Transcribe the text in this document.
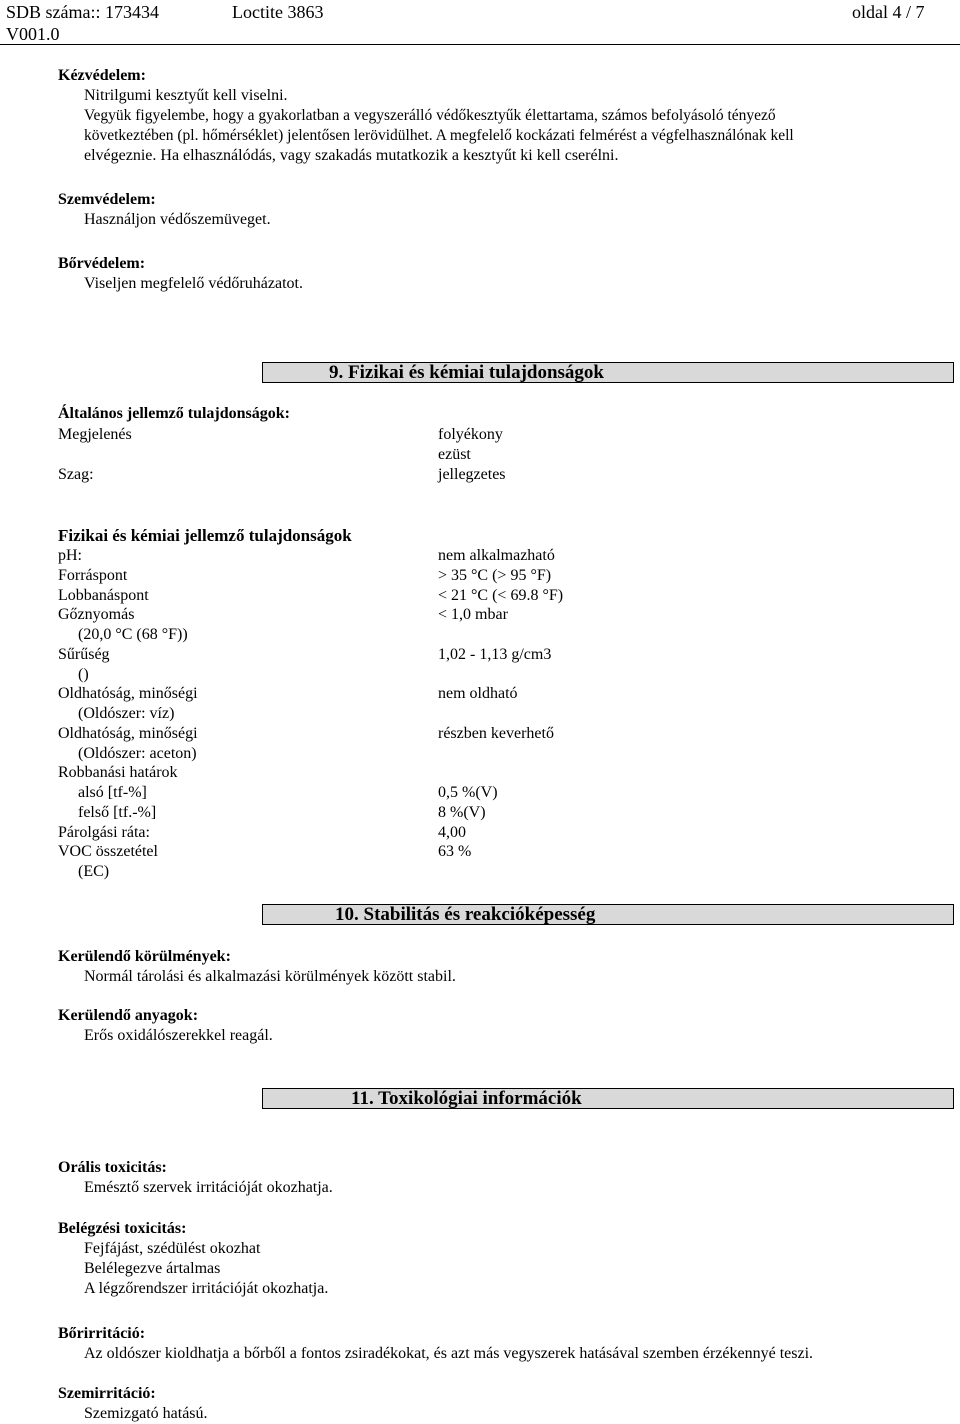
SDB száma:: 173434	Loctite 3863	oldal 4 / 7
V001.0
Kézvédelem:
Nitrilgumi kesztyűt kell viselni.
Vegyük figyelembe, hogy a gyakorlatban a vegyszerálló védőkesztyűk élettartama, számos befolyásoló tényező
következtében (pl. hőmérséklet) jelentősen lerövidülhet. A megfelelő kockázati felmérést a végfelhasználónak kell
elvégeznie. Ha elhasználódás, vagy szakadás mutatkozik a kesztyűt ki kell cserélni.
Szemvédelem:
Használjon védőszemüveget.
Bőrvédelem:
Viseljen megfelelő védőruházatot.
9. Fizikai és kémiai tulajdonságok
Általános jellemző tulajdonságok:
Megjelenés	folyékony
ezüst
Szag:	jellegzetes
Fizikai és kémiai jellemző tulajdonságok
pH:	nem alkalmazható
Forráspont	> 35 °C (> 95 °F)
Lobbanáspont	< 21 °C (< 69.8 °F)
Gőznyomás	< 1,0 mbar
(20,0 °C (68 °F))
Sűrűség	1,02 - 1,13 g/cm3
()
Oldhatóság, minőségi	nem oldható
(Oldószer: víz)
Oldhatóság, minőségi	részben keverhető
(Oldószer: aceton)
Robbanási határok
alsó [tf-%]	0,5 %(V)
felső [tf.-%]	8 %(V)
Párolgási ráta:	4,00
VOC összetétel	63 %
(EC)
10. Stabilitás és reakcióképesség
Kerülendő körülmények:
Normál tárolási és alkalmazási körülmények között stabil.
Kerülendő anyagok:
Erős oxidálószerekkel reagál.
11. Toxikológiai információk
Orális toxicitás:
Emésztő szervek irritációját okozhatja.
Belégzési toxicitás:
Fejfájást, szédülést okozhat
Belélegezve ártalmas
A légzőrendszer irritációját okozhatja.
Bőrirritáció:
Az oldószer kioldhatja a bőrből a fontos zsiradékokat, és azt más vegyszerek hatásával szemben érzékennyé teszi.
Szemirritáció:
Szemizgató hatású.
